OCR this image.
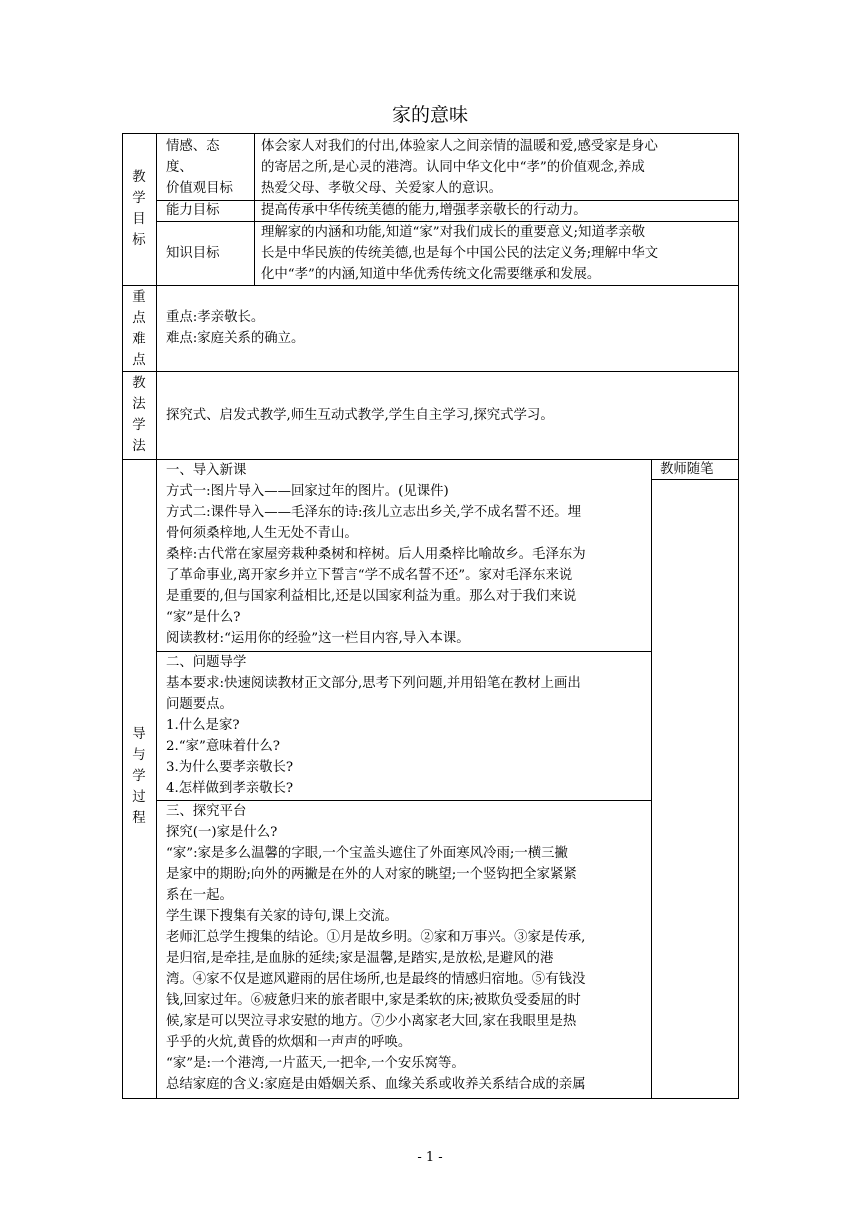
家的意味
教
学
目
标
情感、态
度、
价值观目标
体会家人对我们的付出,体验家人之间亲情的温暖和爱,感受家是身心
的寄居之所,是心灵的港湾。认同中华文化中“孝”的价值观念,养成
热爱父母、孝敬父母、关爱家人的意识。
能力目标	提高传承中华传统美德的能力,增强孝亲敬长的行动力。
知识目标
理解家的内涵和功能,知道“家”对我们成长的重要意义;知道孝亲敬
长是中华民族的传统美德,也是每个中国公民的法定义务;理解中华文
化中“孝”的内涵,知道中华优秀传统文化需要继承和发展。
重
点
难
点
重点:孝亲敬长。
难点:家庭关系的确立。
教
法
学
法
探究式、启发式教学,师生互动式教学,学生自主学习,探究式学习。
导
与
学
过
程
教师随笔
一、导入新课
方式一:图片导入——回家过年的图片。(见课件)
方式二:课件导入——毛泽东的诗:孩儿立志出乡关,学不成名誓不还。埋
骨何须桑梓地,人生无处不青山。
桑梓:古代常在家屋旁栽种桑树和梓树。后人用桑梓比喻故乡。毛泽东为
了革命事业,离开家乡并立下誓言“学不成名誓不还”。家对毛泽东来说
是重要的,但与国家利益相比,还是以国家利益为重。那么对于我们来说
“家”是什么?
阅读教材:“运用你的经验”这一栏目内容,导入本课。
二、问题导学
基本要求:快速阅读教材正文部分,思考下列问题,并用铅笔在教材上画出
问题要点。
1.什么是家?
2.“家”意味着什么?
3.为什么要孝亲敬长?
4.怎样做到孝亲敬长?
三、探究平台
探究(一)家是什么?
“家”:家是多么温馨的字眼,一个宝盖头遮住了外面寒风冷雨;一横三撇
是家中的期盼;向外的两撇是在外的人对家的眺望;一个竖钩把全家紧紧
系在一起。
学生课下搜集有关家的诗句,课上交流。
老师汇总学生搜集的结论。①月是故乡明。②家和万事兴。③家是传承,
是归宿,是牵挂,是血脉的延续;家是温馨,是踏实,是放松,是避风的港
湾。④家不仅是遮风避雨的居住场所,也是最终的情感归宿地。⑤有钱没
钱,回家过年。⑥疲惫归来的旅者眼中,家是柔软的床;被欺负受委屈的时
候,家是可以哭泣寻求安慰的地方。⑦少小离家老大回,家在我眼里是热
乎乎的火炕,黄昏的炊烟和一声声的呼唤。
“家”是:一个港湾,一片蓝天,一把伞,一个安乐窝等。
总结家庭的含义:家庭是由婚姻关系、血缘关系或收养关系结合成的亲属
- 1 -
